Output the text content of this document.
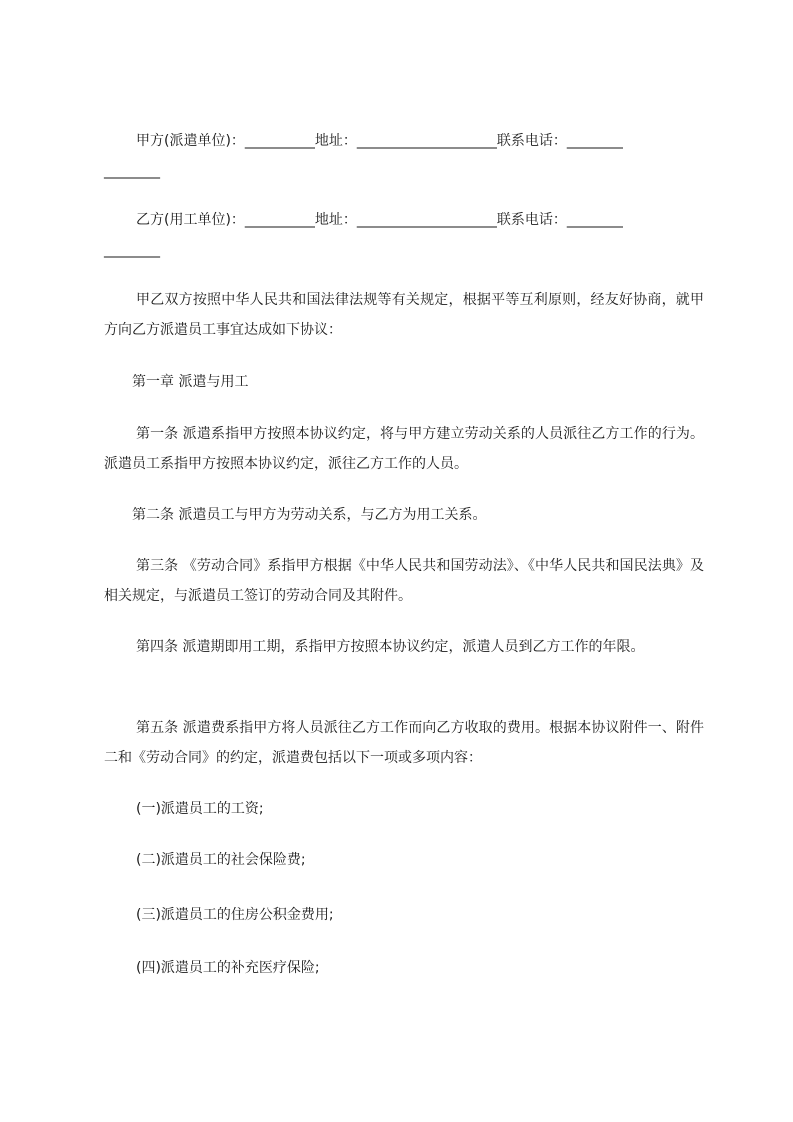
甲方(派遣单位)：__________地址：____________________联系电话：________

________

乙方(用工单位)：__________地址：____________________联系电话：________

________

甲乙双方按照中华人民共和国法律法规等有关规定，根据平等互利原则，经友好协商，就甲方向乙方派遣员工事宜达成如下协议：

第一章 派遣与用工

第一条 派遣系指甲方按照本协议约定，将与甲方建立劳动关系的人员派往乙方工作的行为。派遣员工系指甲方按照本协议约定，派往乙方工作的人员。

第二条 派遣员工与甲方为劳动关系，与乙方为用工关系。

第三条 《劳动合同》系指甲方根据《中华人民共和国劳动法》、《中华人民共和国民法典》及相关规定，与派遣员工签订的劳动合同及其附件。

第四条 派遣期即用工期，系指甲方按照本协议约定，派遣人员到乙方工作的年限。

第五条 派遣费系指甲方将人员派往乙方工作而向乙方收取的费用。根据本协议附件一、附件二和《劳动合同》的约定，派遣费包括以下一项或多项内容：

(一)派遣员工的工资;

(二)派遣员工的社会保险费;

(三)派遣员工的住房公积金费用;

(四)派遣员工的补充医疗保险;
